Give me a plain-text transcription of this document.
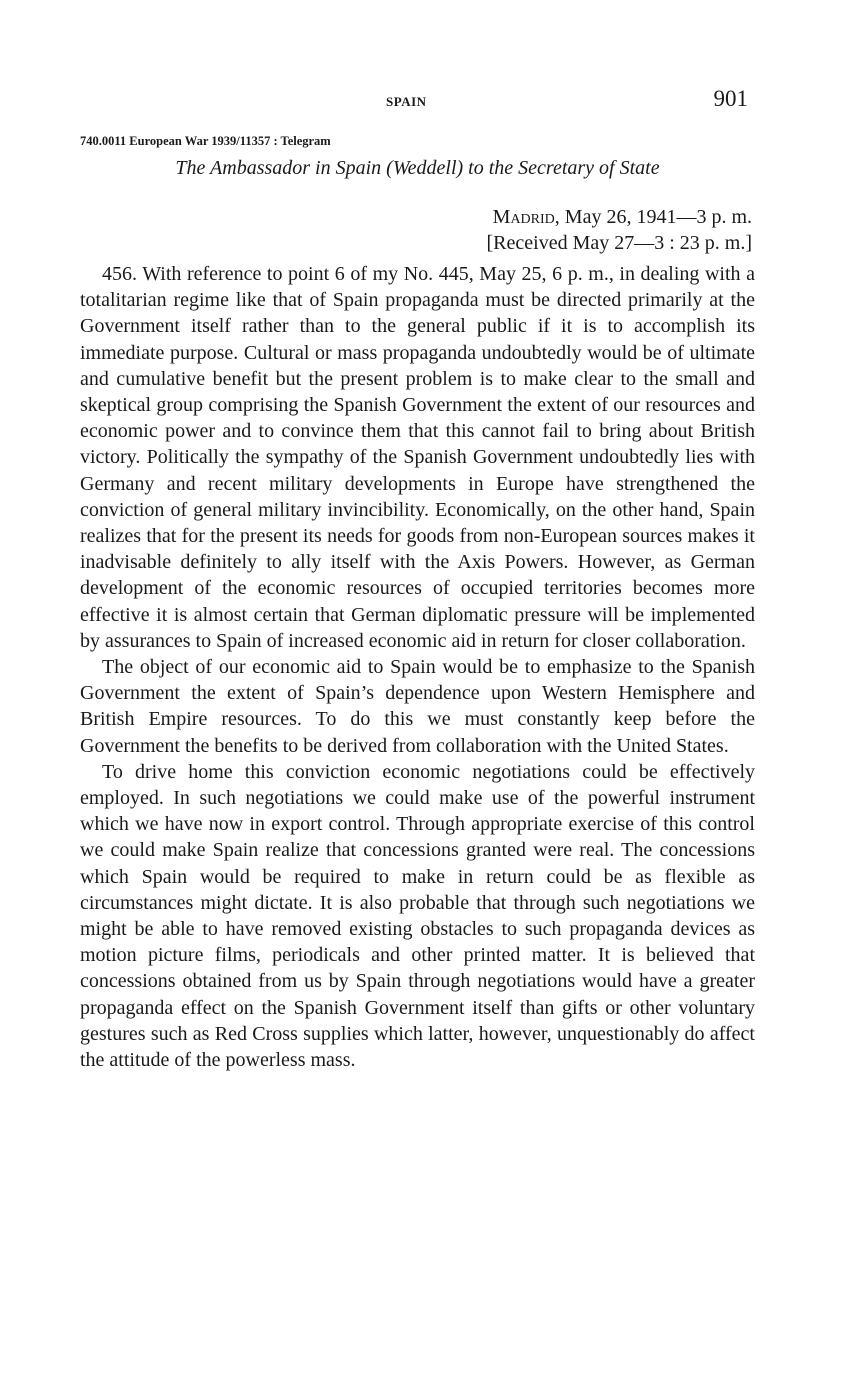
SPAIN	901
740.0011 European War 1939/11357 : Telegram
The Ambassador in Spain (Weddell) to the Secretary of State
Madrid, May 26, 1941—3 p. m.
[Received May 27—3 : 23 p. m.]

456. With reference to point 6 of my No. 445, May 25, 6 p. m., in dealing with a totalitarian regime like that of Spain propaganda must be directed primarily at the Government itself rather than to the general public if it is to accomplish its immediate purpose. Cultural or mass propaganda undoubtedly would be of ultimate and cumulative benefit but the present problem is to make clear to the small and skeptical group comprising the Spanish Government the extent of our resources and economic power and to convince them that this cannot fail to bring about British victory. Politically the sympathy of the Spanish Government undoubtedly lies with Germany and recent military developments in Europe have strengthened the conviction of general military invincibility. Economically, on the other hand, Spain realizes that for the present its needs for goods from non-European sources makes it inadvisable definitely to ally itself with the Axis Powers. However, as German development of the economic resources of occupied territories becomes more effective it is almost certain that German diplomatic pressure will be implemented by assurances to Spain of increased economic aid in return for closer collaboration.

The object of our economic aid to Spain would be to emphasize to the Spanish Government the extent of Spain’s dependence upon Western Hemisphere and British Empire resources. To do this we must constantly keep before the Government the benefits to be derived from collaboration with the United States.

To drive home this conviction economic negotiations could be effectively employed. In such negotiations we could make use of the powerful instrument which we have now in export control. Through appropriate exercise of this control we could make Spain realize that concessions granted were real. The concessions which Spain would be required to make in return could be as flexible as circumstances might dictate. It is also probable that through such negotiations we might be able to have removed existing obstacles to such propaganda devices as motion picture films, periodicals and other printed matter. It is believed that concessions obtained from us by Spain through negotiations would have a greater propaganda effect on the Spanish Government itself than gifts or other voluntary gestures such as Red Cross supplies which latter, however, unquestionably do affect the attitude of the powerless mass.
